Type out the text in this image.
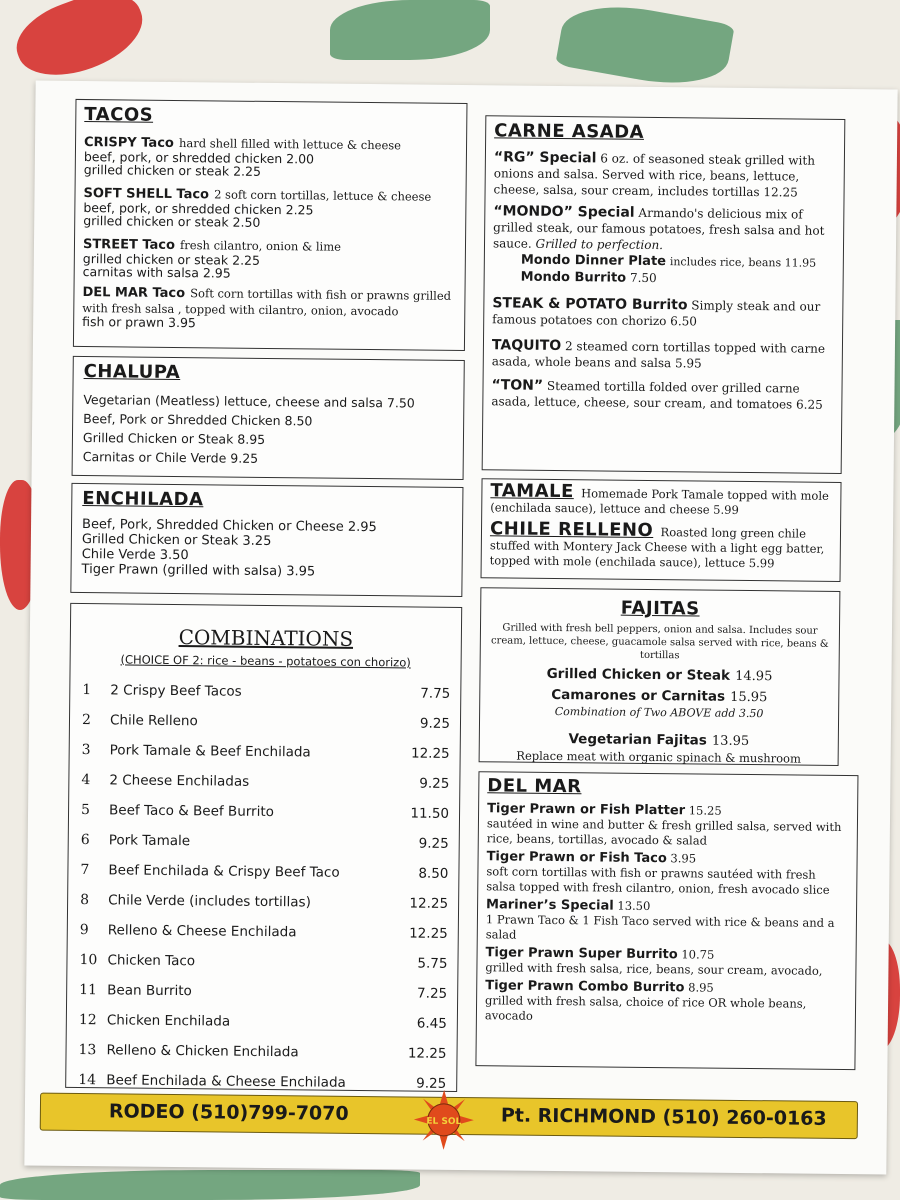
TACOS
CRISPY Taco hard shell filled with lettuce & cheese
beef, pork, or shredded chicken 2.00
grilled chicken or steak 2.25
SOFT SHELL Taco 2 soft corn tortillas, lettuce & cheese
beef, pork, or shredded chicken 2.25
grilled chicken or steak 2.50
STREET Taco fresh cilantro, onion & lime
grilled chicken or steak 2.25
carnitas with salsa 2.95
DEL MAR Taco Soft corn tortillas with fish or prawns grilled with fresh salsa , topped with cilantro, onion, avocado
fish or prawn 3.95
CHALUPA
Vegetarian (Meatless) lettuce, cheese and salsa 7.50
Beef, Pork or Shredded Chicken 8.50
Grilled Chicken or Steak 8.95
Carnitas or Chile Verde 9.25
ENCHILADA
Beef, Pork, Shredded Chicken or Cheese 2.95
Grilled Chicken or Steak 3.25
Chile Verde 3.50
Tiger Prawn (grilled with salsa) 3.95
COMBINATIONS
(CHOICE OF 2: rice - beans - potatoes con chorizo)
1 2 Crispy Beef Tacos	7.75
2 Chile Relleno	9.25
3 Pork Tamale & Beef Enchilada	12.25
4 2 Cheese Enchiladas	9.25
5 Beef Taco & Beef Burrito	11.50
6 Pork Tamale	9.25
7 Beef Enchilada & Crispy Beef Taco	8.50
8 Chile Verde (includes tortillas)	12.25
9 Relleno & Cheese Enchilada	12.25
10 Chicken Taco	5.75
11 Bean Burrito	7.25
12 Chicken Enchilada	6.45
13 Relleno & Chicken Enchilada	12.25
14 Beef Enchilada & Cheese Enchilada	9.25
CARNE ASADA
“RG” Special 6 oz. of seasoned steak grilled with onions and salsa. Served with rice, beans, lettuce, cheese, salsa, sour cream, includes tortillas 12.25
“MONDO” Special Armando's delicious mix of grilled steak, our famous potatoes, fresh salsa and hot sauce. Grilled to perfection.
Mondo Dinner Plate includes rice, beans 11.95
Mondo Burrito 7.50
STEAK & POTATO Burrito Simply steak and our famous potatoes con chorizo 6.50
TAQUITO 2 steamed corn tortillas topped with carne asada, whole beans and salsa 5.95
“TON” Steamed tortilla folded over grilled carne asada, lettuce, cheese, sour cream, and tomatoes 6.25
TAMALE Homemade Pork Tamale topped with mole (enchilada sauce), lettuce and cheese 5.99
CHILE RELLENO Roasted long green chile stuffed with Montery Jack Cheese with a light egg batter, topped with mole (enchilada sauce), lettuce 5.99
FAJITAS
Grilled with fresh bell peppers, onion and salsa. Includes sour cream, lettuce, cheese, guacamole salsa served with rice, beans & tortillas
Grilled Chicken or Steak 14.95
Camarones or Carnitas 15.95
Combination of Two ABOVE add 3.50
Vegetarian Fajitas 13.95
Replace meat with organic spinach & mushroom
DEL MAR
Tiger Prawn or Fish Platter 15.25
sautéed in wine and butter & fresh grilled salsa, served with rice, beans, tortillas, avocado & salad
Tiger Prawn or Fish Taco 3.95
soft corn tortillas with fish or prawns sautéed with fresh salsa topped with fresh cilantro, onion, fresh avocado slice
Mariner’s Special 13.50
1 Prawn Taco & 1 Fish Taco served with rice & beans and a salad
Tiger Prawn Super Burrito 10.75
grilled with fresh salsa, rice, beans, sour cream, avocado,
Tiger Prawn Combo Burrito 8.95
grilled with fresh salsa, choice of rice OR whole beans, avocado
RODEO (510)799-7070	EL SOL Pt. RICHMOND (510) 260-0163
